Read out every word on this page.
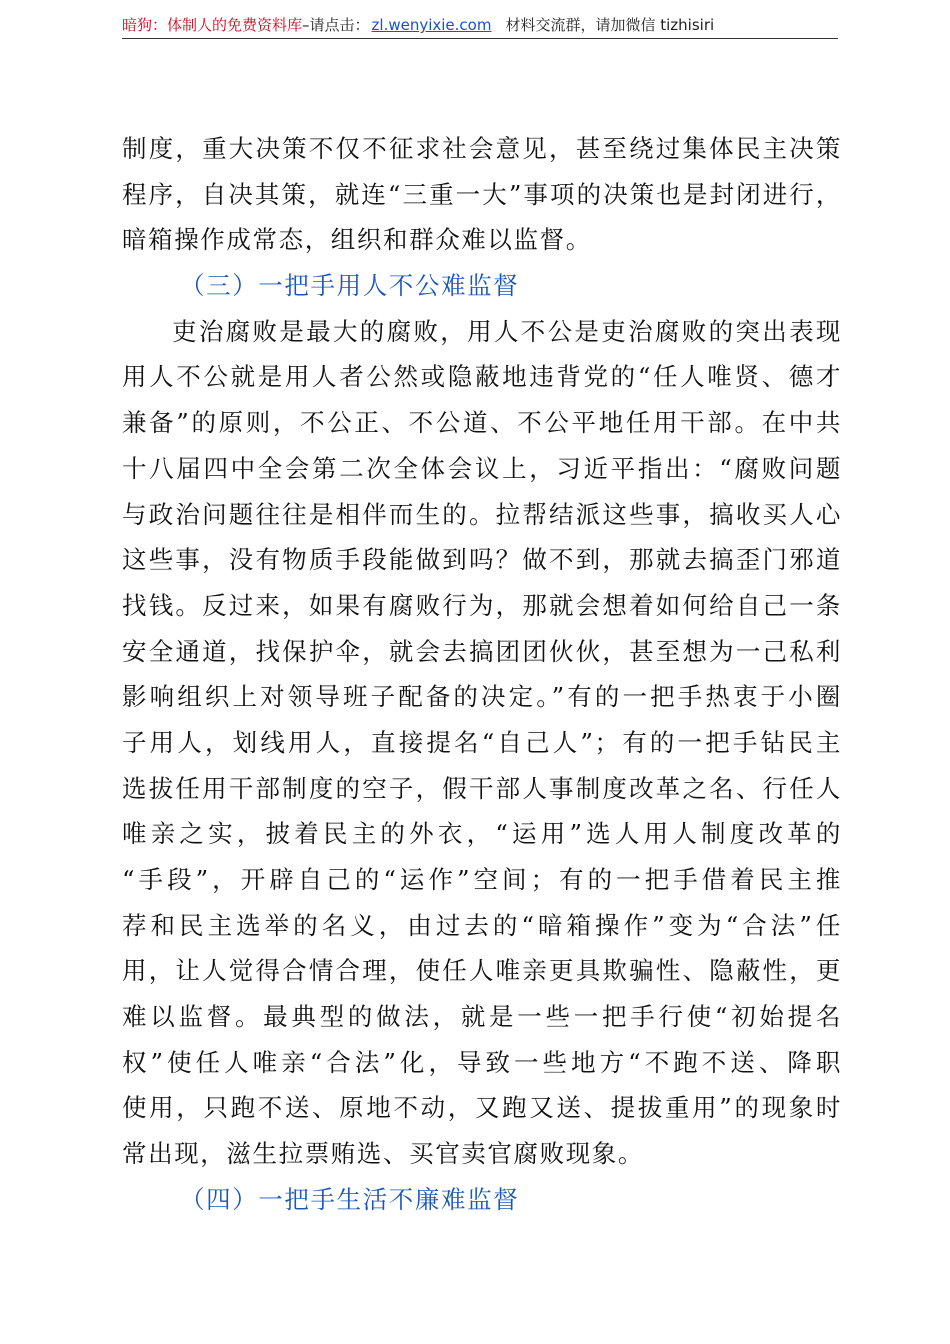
暗狗：体制人的免费资料库–请点击： zl.wenyixie.com 材料交流群，请加微信 tizhisiri
制度，重大决策不仅不征求社会意见，甚至绕过集体民主决策
程序，自决其策，就连“三重一大”事项的决策也是封闭进行，
暗箱操作成常态，组织和群众难以监督。
（三）一把手用人不公难监督
吏治腐败是最大的腐败，用人不公是吏治腐败的突出表现
用人不公就是用人者公然或隐蔽地违背党的“任人唯贤、德才
兼备”的原则，不公正、不公道、不公平地任用干部。在中共
十八届四中全会第二次全体会议上，习近平指出：“腐败问题
与政治问题往往是相伴而生的。拉帮结派这些事，搞收买人心
这些事，没有物质手段能做到吗？做不到，那就去搞歪门邪道
找钱。反过来，如果有腐败行为，那就会想着如何给自己一条
安全通道，找保护伞，就会去搞团团伙伙，甚至想为一己私利
影响组织上对领导班子配备的决定。”有的一把手热衷于小圈
子用人，划线用人，直接提名“自己人”；有的一把手钻民主
选拔任用干部制度的空子，假干部人事制度改革之名、行任人
唯亲之实，披着民主的外衣，“运用”选人用人制度改革的
“手段”，开辟自己的“运作”空间；有的一把手借着民主推
荐和民主选举的名义，由过去的“暗箱操作”变为“合法”任
用，让人觉得合情合理，使任人唯亲更具欺骗性、隐蔽性，更
难以监督。最典型的做法，就是一些一把手行使“初始提名
权”使任人唯亲“合法”化，导致一些地方“不跑不送、降职
使用，只跑不送、原地不动，又跑又送、提拔重用”的现象时
常出现，滋生拉票贿选、买官卖官腐败现象。
（四）一把手生活不廉难监督
